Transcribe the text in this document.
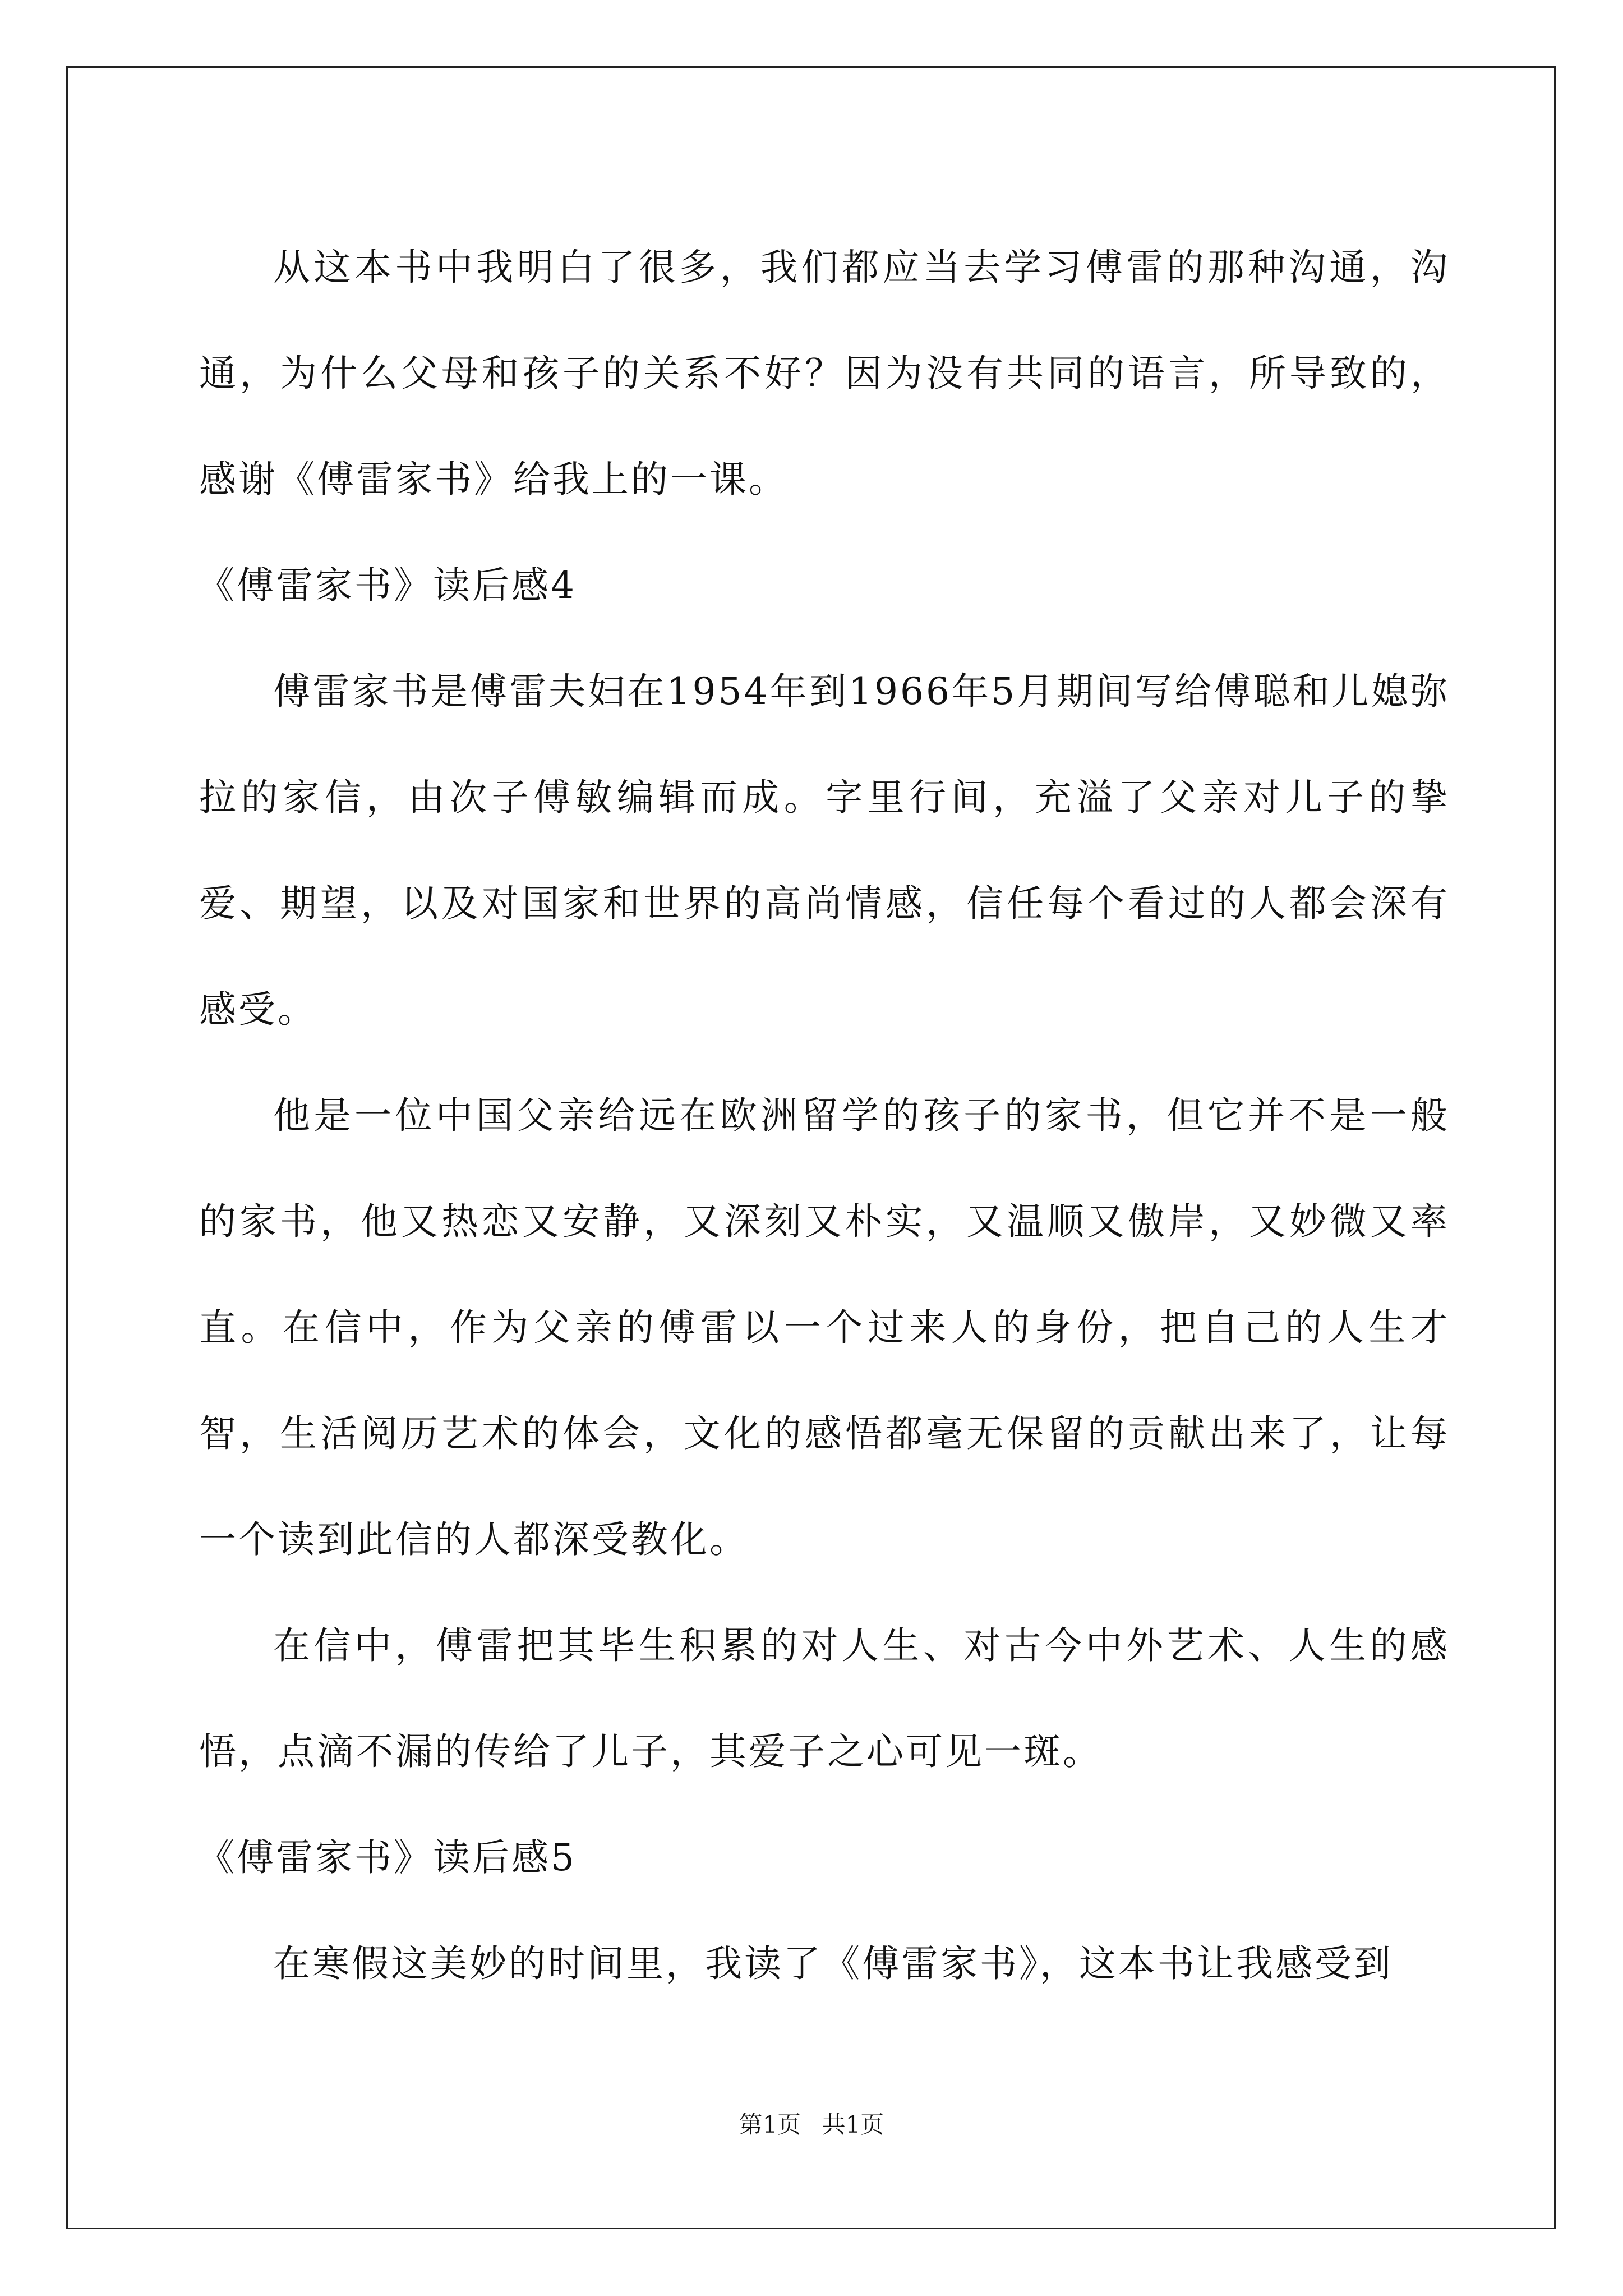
从这本书中我明白了很多，我们都应当去学习傅雷的那种沟通，沟通，为什么父母和孩子的关系不好？因为没有共同的语言，所导致的，感谢《傅雷家书》给我上的一课。

《傅雷家书》读后感4

傅雷家书是傅雷夫妇在1954年到1966年5月期间写给傅聪和儿媳弥拉的家信，由次子傅敏编辑而成。字里行间，充溢了父亲对儿子的挚爱、期望，以及对国家和世界的高尚情感，信任每个看过的人都会深有感受。

他是一位中国父亲给远在欧洲留学的孩子的家书，但它并不是一般的家书，他又热恋又安静，又深刻又朴实，又温顺又傲岸，又妙微又率直。在信中，作为父亲的傅雷以一个过来人的身份，把自己的人生才智，生活阅历艺术的体会，文化的感悟都毫无保留的贡献出来了，让每一个读到此信的人都深受教化。

在信中，傅雷把其毕生积累的对人生、对古今中外艺术、人生的感悟，点滴不漏的传给了儿子，其爱子之心可见一斑。

《傅雷家书》读后感5

在寒假这美妙的时间里，我读了《傅雷家书》，这本书让我感受到

第1页 共1页
